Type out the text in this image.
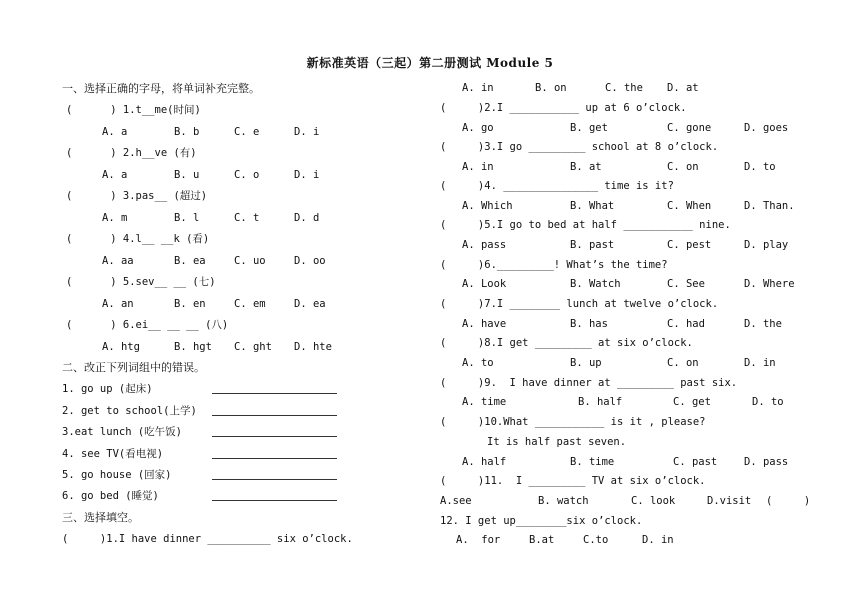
新标准英语（三起）第二册测试 Module 5
一、选择正确的字母，将单词补充完整。
(      ) 1.t__me(时间)
A. a	B. b	C. e	D. i
(      ) 2.h__ve (有)
A. a	B. u	C. o	D. i
(      ) 3.pas__ (超过)
A. m	B. l	C. t	D. d
(      ) 4.l__ __k (看)
A. aa	B. ea	C. uo	D. oo
(      ) 5.sev__ __ (七)
A. an	B. en	C. em	D. ea
(      ) 6.ei__ __ __ (八)
A. htg	B. hgt C. ght D. hte
二、改正下列词组中的错误。
1. go up (起床)
2. get to school(上学)
3.eat lunch (吃午饭)
4. see TV(看电视)
5. go house (回家)
6. go bed (睡觉)
三、选择填空。
(     )1.I have dinner __________ six o’clock.
A. in	B. on	C. the D. at
(     )2.I ___________ up at 6 o’clock.
A. go	B. get	C. gone	D. goes
(     )3.I go _________ school at 8 o’clock.
A. in	B. at	C. on	D. to
(     )4. _______________ time is it?
A. Which	B. What	C. When	D. Than.
(     )5.I go to bed at half ___________ nine.
A. pass	B. past	C. pest	D. play
(     )6._________! What’s the time?
A. Look	B. Watch	C. See	D. Where
(     )7.I ________ lunch at twelve o’clock.
A. have	B. has	C. had	D. the
(     )8.I get _________ at six o’clock.
A. to	B. up	C. on	D. in
(     )9.  I have dinner at _________ past six.
A. time	B. half	C. get	D. to
(     )10.What ___________ is it , please?
It is half past seven.
A. half	B. time	C. past	D. pass
(     )11.  I _________ TV at six o’clock.
A.see	B. watch	C. look	D.visit (     )
12. I get up________six o’clock.
A.  for	B.at	C.to	D. in
